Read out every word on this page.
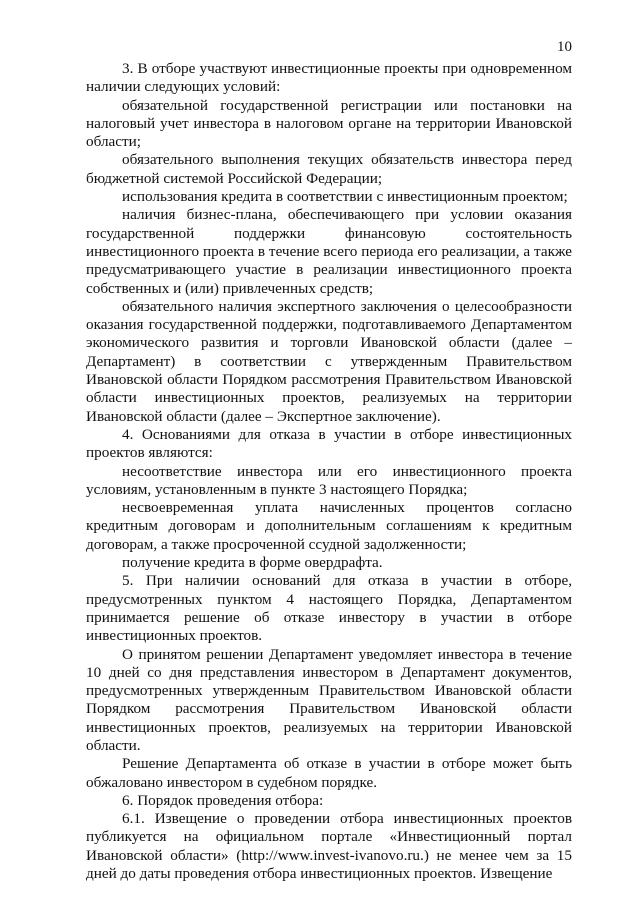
10

3. В отборе участвуют инвестиционные проекты при одновременном наличии следующих условий:

обязательной государственной регистрации или постановки на налоговый учет инвестора в налоговом органе на территории Ивановской области;

обязательного выполнения текущих обязательств инвестора перед бюджетной системой Российской Федерации;

использования кредита в соответствии с инвестиционным проектом;

наличия бизнес-плана, обеспечивающего при условии оказания государственной поддержки финансовую состоятельность инвестиционного проекта в течение всего периода его реализации, а также предусматривающего участие в реализации инвестиционного проекта собственных и (или) привлеченных средств;

обязательного наличия экспертного заключения о целесообразности оказания государственной поддержки, подготавливаемого Департаментом экономического развития и торговли Ивановской области (далее – Департамент) в соответствии с утвержденным Правительством Ивановской области Порядком рассмотрения Правительством Ивановской области инвестиционных проектов, реализуемых на территории Ивановской области (далее – Экспертное заключение).

4. Основаниями для отказа в участии в отборе инвестиционных проектов являются:

несоответствие инвестора или его инвестиционного проекта условиям, установленным в пункте 3 настоящего Порядка;

несвоевременная уплата начисленных процентов согласно кредитным договорам и дополнительным соглашениям к кредитным договорам, а также просроченной ссудной задолженности;

получение кредита в форме овердрафта.

5. При наличии оснований для отказа в участии в отборе, предусмотренных пунктом 4 настоящего Порядка, Департаментом принимается решение об отказе инвестору в участии в отборе инвестиционных проектов.

О принятом решении Департамент уведомляет инвестора в течение 10 дней со дня представления инвестором в Департамент документов, предусмотренных утвержденным Правительством Ивановской области Порядком рассмотрения Правительством Ивановской области инвестиционных проектов, реализуемых на территории Ивановской области.

Решение Департамента об отказе в участии в отборе может быть обжаловано инвестором в судебном порядке.

6. Порядок проведения отбора:

6.1. Извещение о проведении отбора инвестиционных проектов публикуется на официальном портале «Инвестиционный портал Ивановской области» (http://www.invest-ivanovo.ru.) не менее чем за 15 дней до даты проведения отбора инвестиционных проектов. Извещение
